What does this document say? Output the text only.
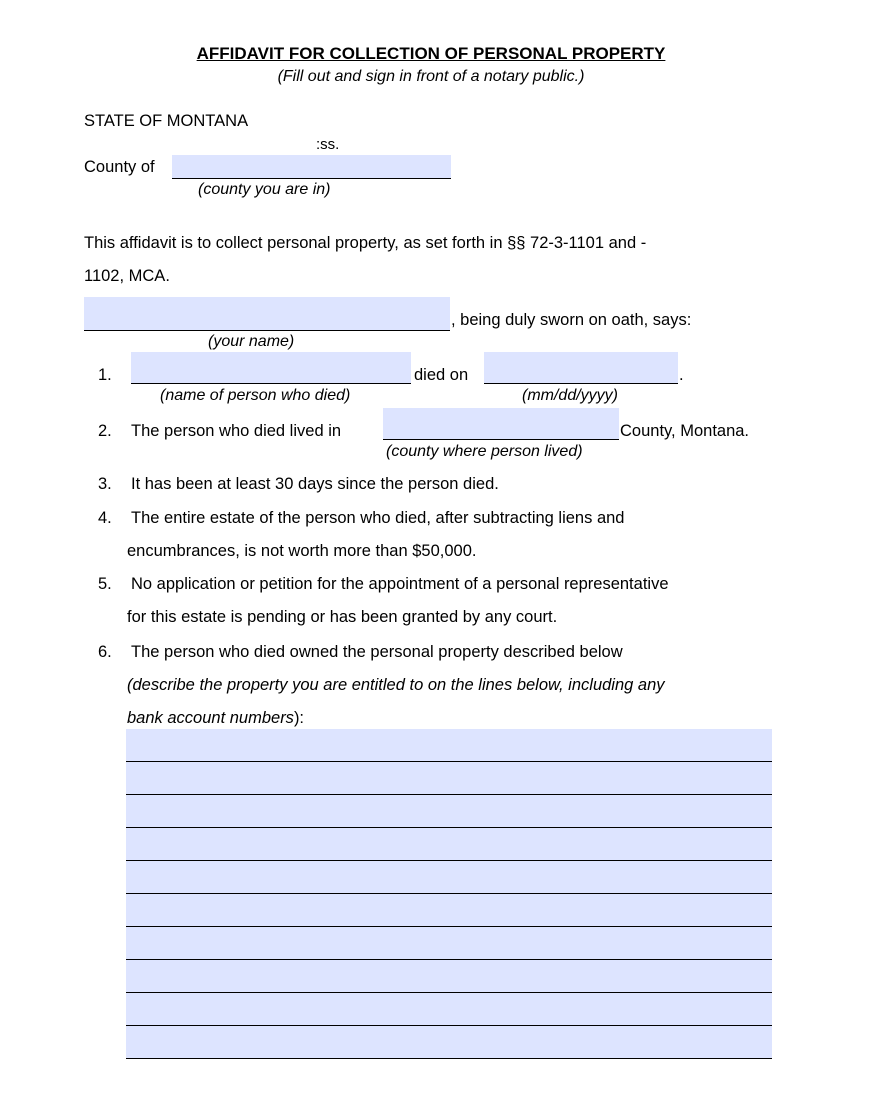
AFFIDAVIT FOR COLLECTION OF PERSONAL PROPERTY
(Fill out and sign in front of a notary public.)
STATE OF MONTANA
:ss.
County of
(county you are in)
This affidavit is to collect personal property, as set forth in §§ 72-3-1101 and -
1102, MCA.
, being duly sworn on oath, says:
(your name)
1.	died on	.
(name of person who died)	(mm/dd/yyyy)
2. The person who died lived in	County, Montana.
(county where person lived)
3. It has been at least 30 days since the person died.
4. The entire estate of the person who died, after subtracting liens and
encumbrances, is not worth more than $50,000.
5. No application or petition for the appointment of a personal representative
for this estate is pending or has been granted by any court.
6. The person who died owned the personal property described below
(describe the property you are entitled to on the lines below, including any
bank account numbers):
